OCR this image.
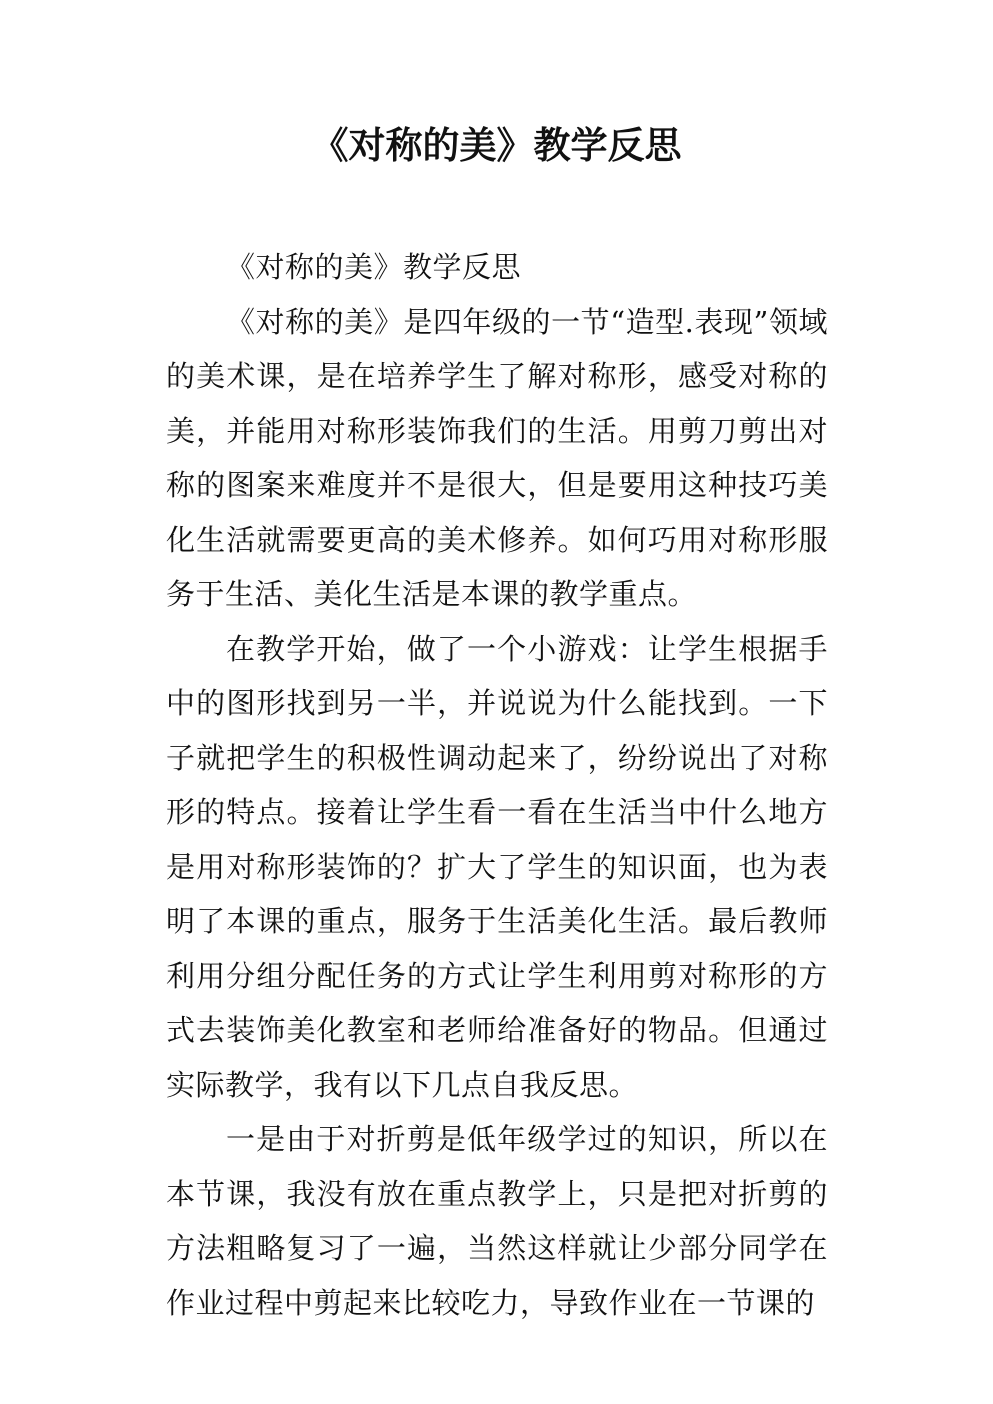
《对称的美》教学反思

《对称的美》教学反思

《对称的美》是四年级的一节“造型.表现”领域的美术课，是在培养学生了解对称形，感受对称的美，并能用对称形装饰我们的生活。用剪刀剪出对称的图案来难度并不是很大，但是要用这种技巧美化生活就需要更高的美术修养。如何巧用对称形服务于生活、美化生活是本课的教学重点。

在教学开始，做了一个小游戏：让学生根据手中的图形找到另一半，并说说为什么能找到。一下子就把学生的积极性调动起来了，纷纷说出了对称形的特点。接着让学生看一看在生活当中什么地方是用对称形装饰的？扩大了学生的知识面，也为表明了本课的重点，服务于生活美化生活。最后教师利用分组分配任务的方式让学生利用剪对称形的方式去装饰美化教室和老师给准备好的物品。但通过实际教学，我有以下几点自我反思。

一是由于对折剪是低年级学过的知识，所以在本节课，我没有放在重点教学上，只是把对折剪的方法粗略复习了一遍，当然这样就让少部分同学在作业过程中剪起来比较吃力，导致作业在一节课的
